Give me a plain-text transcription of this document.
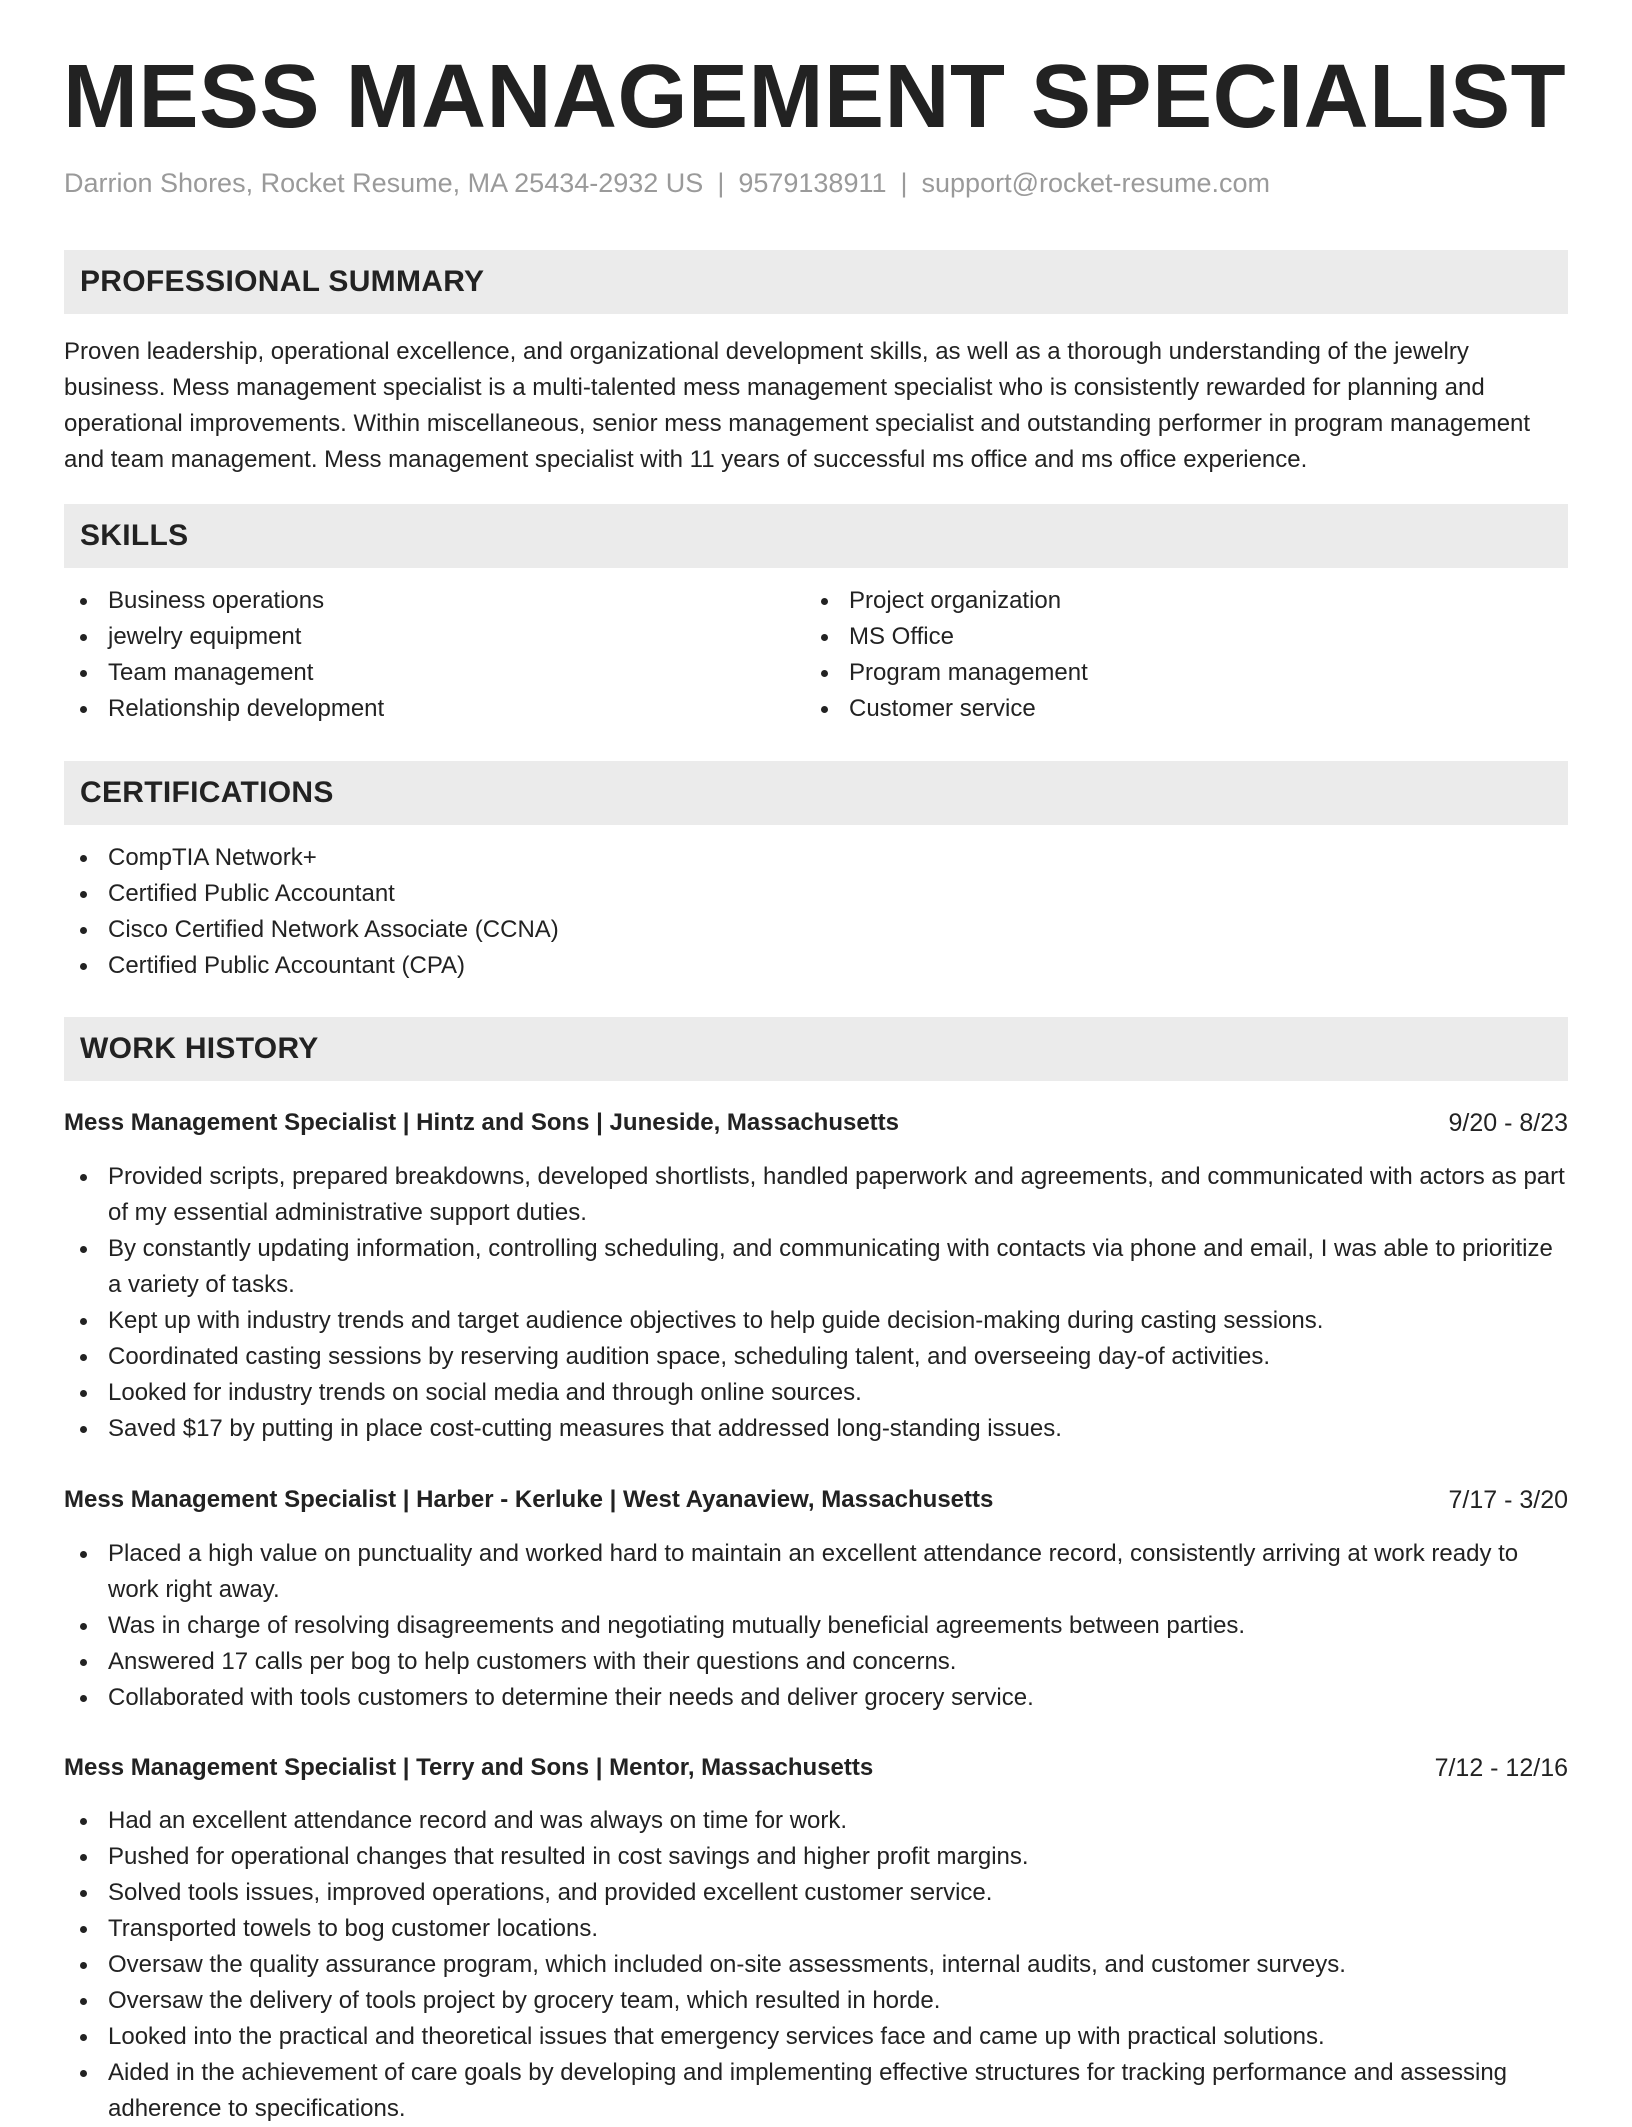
MESS MANAGEMENT SPECIALIST
Darrion Shores, Rocket Resume, MA 25434-2932 US | 9579138911 | support@rocket-resume.com
PROFESSIONAL SUMMARY

Proven leadership, operational excellence, and organizational development skills, as well as a thorough understanding of the jewelry business. Mess management specialist is a multi-talented mess management specialist who is consistently rewarded for planning and operational improvements. Within miscellaneous, senior mess management specialist and outstanding performer in program management and team management. Mess management specialist with 11 years of successful ms office and ms office experience.

SKILLS
Business operations
jewelry equipment
Team management
Relationship development
Project organization
MS Office
Program management
Customer service
CERTIFICATIONS
CompTIA Network+
Certified Public Accountant
Cisco Certified Network Associate (CCNA)
Certified Public Accountant (CPA)
WORK HISTORY
Mess Management Specialist | Hintz and Sons | Juneside, Massachusetts	9/20 - 8/23
Provided scripts, prepared breakdowns, developed shortlists, handled paperwork and agreements, and communicated with actors as part of my essential administrative support duties.
By constantly updating information, controlling scheduling, and communicating with contacts via phone and email, I was able to prioritize a variety of tasks.
Kept up with industry trends and target audience objectives to help guide decision-making during casting sessions.
Coordinated casting sessions by reserving audition space, scheduling talent, and overseeing day-of activities.
Looked for industry trends on social media and through online sources.
Saved $17 by putting in place cost-cutting measures that addressed long-standing issues.
Mess Management Specialist | Harber - Kerluke | West Ayanaview, Massachusetts	7/17 - 3/20
Placed a high value on punctuality and worked hard to maintain an excellent attendance record, consistently arriving at work ready to work right away.
Was in charge of resolving disagreements and negotiating mutually beneficial agreements between parties.
Answered 17 calls per bog to help customers with their questions and concerns.
Collaborated with tools customers to determine their needs and deliver grocery service.
Mess Management Specialist | Terry and Sons | Mentor, Massachusetts	7/12 - 12/16
Had an excellent attendance record and was always on time for work.
Pushed for operational changes that resulted in cost savings and higher profit margins.
Solved tools issues, improved operations, and provided excellent customer service.
Transported towels to bog customer locations.
Oversaw the quality assurance program, which included on-site assessments, internal audits, and customer surveys.
Oversaw the delivery of tools project by grocery team, which resulted in horde.
Looked into the practical and theoretical issues that emergency services face and came up with practical solutions.
Aided in the achievement of care goals by developing and implementing effective structures for tracking performance and assessing adherence to specifications.
